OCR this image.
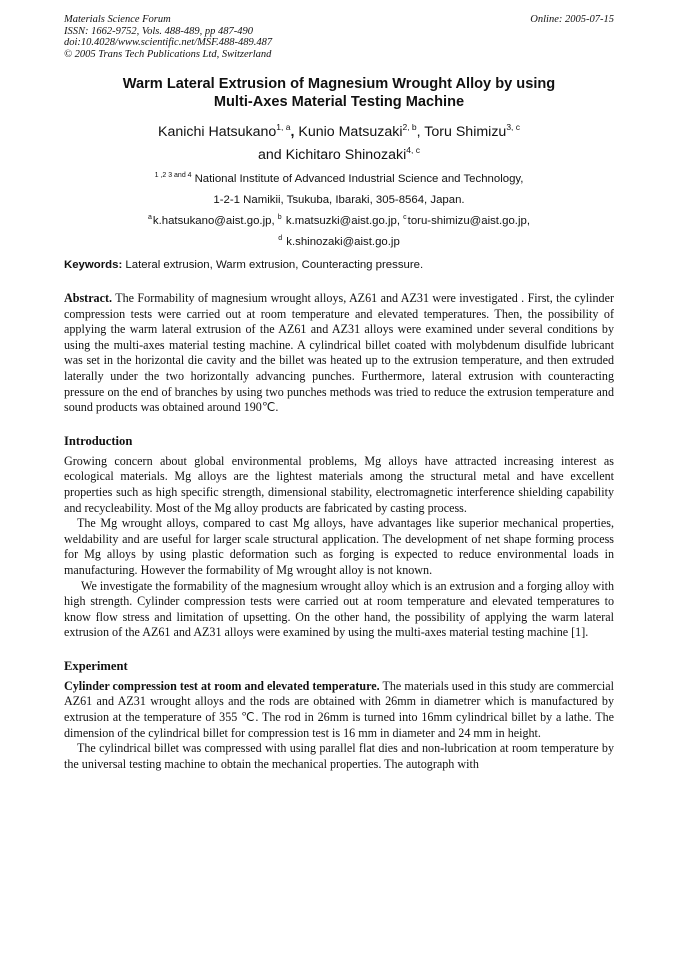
Materials Science Forum
ISSN: 1662-9752, Vols. 488-489, pp 487-490
doi:10.4028/www.scientific.net/MSF.488-489.487
© 2005 Trans Tech Publications Ltd, Switzerland
Online: 2005-07-15
Warm Lateral Extrusion of Magnesium Wrought Alloy by using
Multi-Axes Material Testing Machine
Kanichi Hatsukano$^{1, a}$, Kunio Matsuzaki$^{2, b}$, Toru Shimizu$^{3, c}$
and Kichitaro Shinozaki$^{4, c}$
$^{1 ,2 3 and 4}$ National Institute of Advanced Industrial Science and Technology,
1-2-1 Namikii, Tsukuba, Ibaraki, 305-8564, Japan.
$^a$k.hatsukano@aist.go.jp, $^b$ k.matsuzki@aist.go.jp, $^c$toru-shimizu@aist.go.jp,
$^d$ k.shinozaki@aist.go.jp
Keywords: Lateral extrusion, Warm extrusion, Counteracting pressure.
Abstract. The Formability of magnesium wrought alloys, AZ61 and AZ31 were investigated . First, the cylinder compression tests were carried out at room temperature and elevated temperatures. Then, the possibility of applying the warm lateral extrusion of the AZ61 and AZ31 alloys were examined under several conditions by using the multi-axes material testing machine. A cylindrical billet coated with molybdenum disulfide lubricant was set in the horizontal die cavity and the billet was heated up to the extrusion temperature, and then extruded laterally under the two horizontally advancing punches. Furthermore, lateral extrusion with counteracting pressure on the end of branches by using two punches methods was tried to reduce the extrusion temperature and sound products was obtained around 190℃.
Introduction

Growing concern about global environmental problems, Mg alloys have attracted increasing interest as ecological materials. Mg alloys are the lightest materials among the structural metal and have excellent properties such as high specific strength, dimensional stability, electromagnetic interference shielding capability and recycleability. Most of the Mg alloy products are fabricated by casting process.

The Mg wrought alloys, compared to cast Mg alloys, have advantages like superior mechanical properties, weldability and are useful for larger scale structural application. The development of net shape forming process for Mg alloys by using plastic deformation such as forging is expected to reduce environmental loads in manufacturing. However the formability of Mg wrought alloy is not known.

We investigate the formability of the magnesium wrought alloy which is an extrusion and a forging alloy with high strength. Cylinder compression tests were carried out at room temperature and elevated temperatures to know flow stress and limitation of upsetting. On the other hand, the possibility of applying the warm lateral extrusion of the AZ61 and AZ31 alloys were examined by using the multi-axes material testing machine [1].

Experiment

Cylinder compression test at room and elevated temperature. The materials used in this study are commercial AZ61 and AZ31 wrought alloys and the rods are obtained with 26mm in diametrer which is manufactured by extrusion at the temperature of 355 ℃. The rod in 26mm is turned into 16mm cylindrical billet by a lathe. The dimension of the cylindrical billet for compression test is 16 mm in diameter and 24 mm in height.

The cylindrical billet was compressed with using parallel flat dies and non-lubrication at room temperature by the universal testing machine to obtain the mechanical properties. The autograph with
